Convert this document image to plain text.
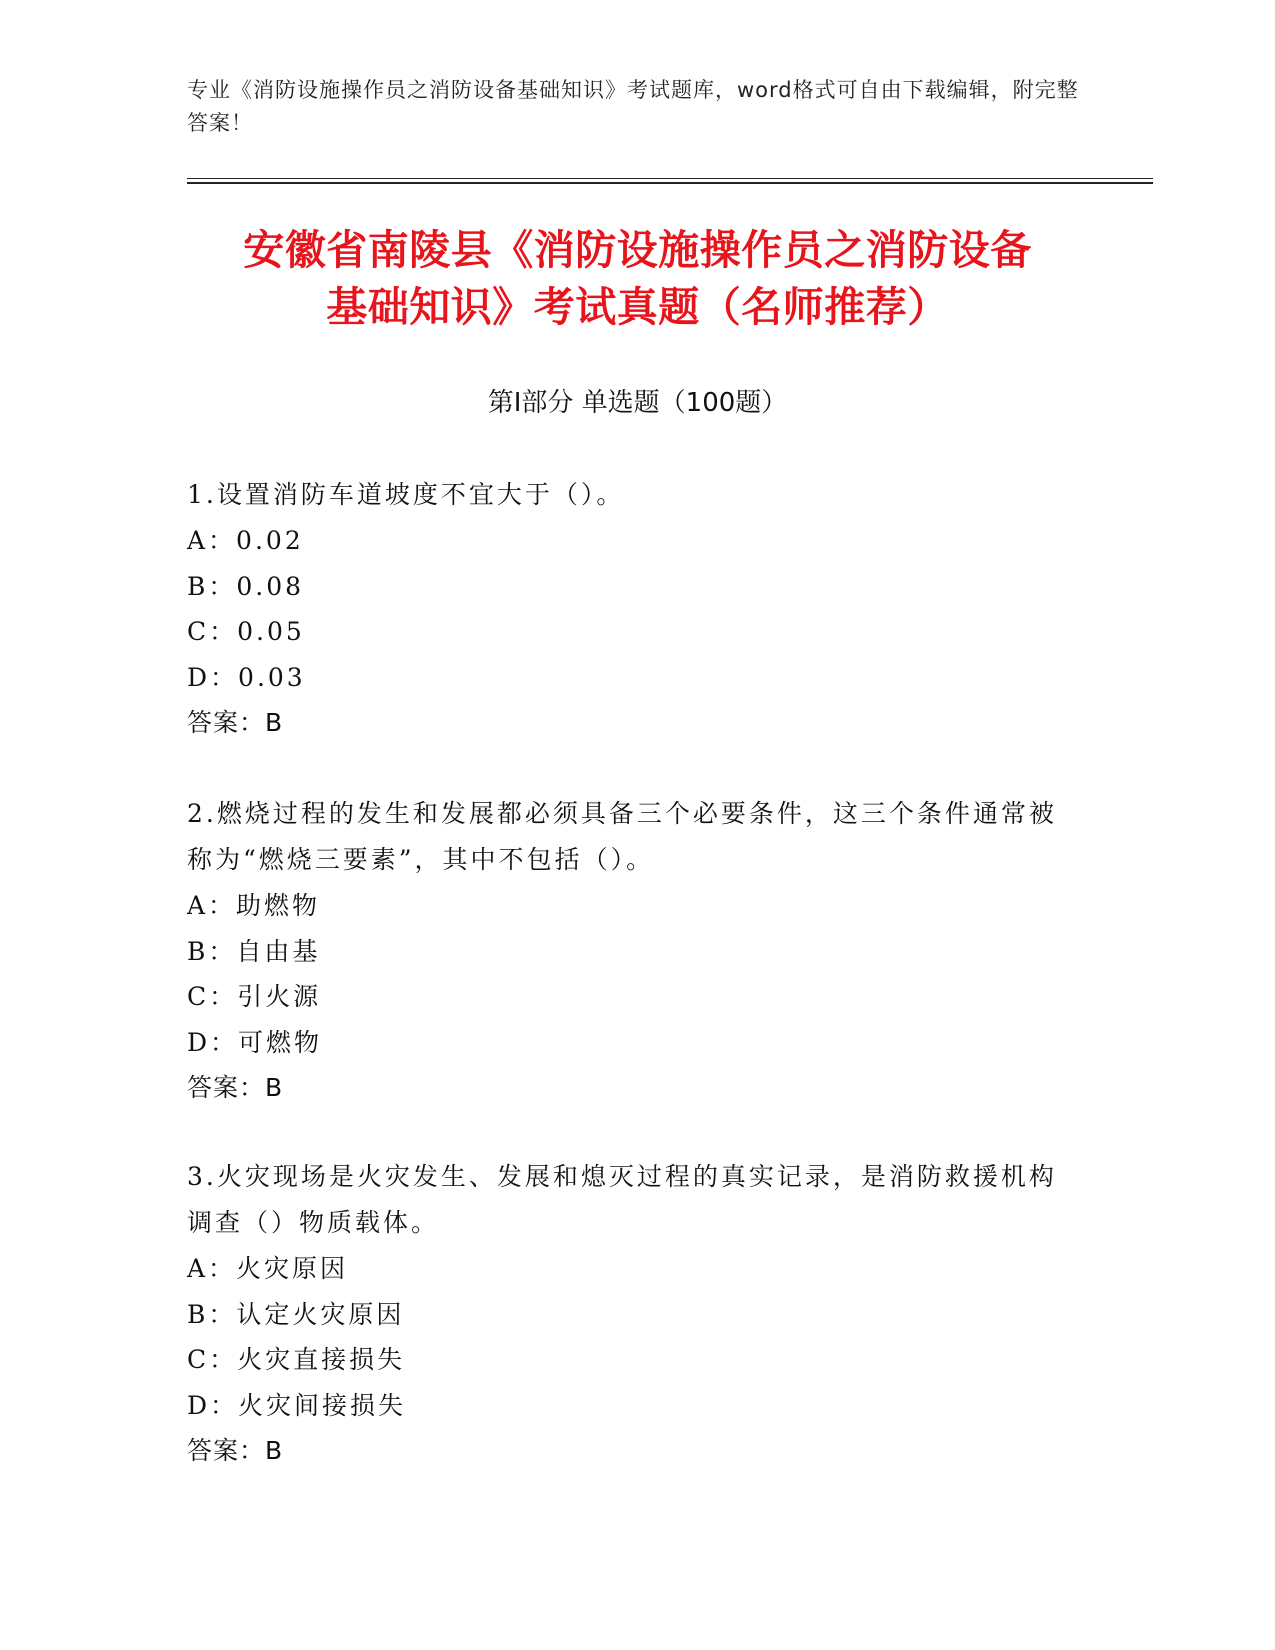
专业《消防设施操作员之消防设备基础知识》考试题库，word格式可自由下载编辑，附完整答案！
安徽省南陵县《消防设施操作员之消防设备
基础知识》考试真题（名师推荐）
第I部分 单选题（100题）
1.设置消防车道坡度不宜大于（）。
A：0.02
B：0.08
C：0.05
D：0.03
答案：B
2.燃烧过程的发生和发展都必须具备三个必要条件，这三个条件通常被称为“燃烧三要素”，其中不包括（）。
A：助燃物
B：自由基
C：引火源
D：可燃物
答案：B
3.火灾现场是火灾发生、发展和熄灭过程的真实记录，是消防救援机构调查（）物质载体。
A：火灾原因
B：认定火灾原因
C：火灾直接损失
D：火灾间接损失
答案：B
